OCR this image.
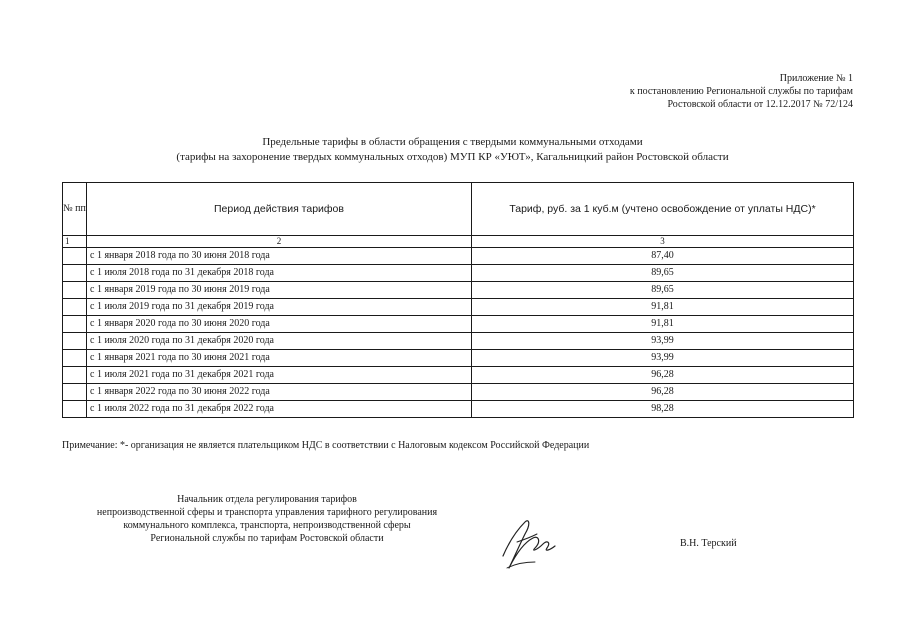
Приложение № 1
к постановлению Региональной службы по тарифам
Ростовской области от 12.12.2017 № 72/124
Предельные тарифы в области обращения с твердыми коммунальными отходами
(тарифы на захоронение твердых коммунальных отходов) МУП КР «УЮТ», Кагальницкий район Ростовской области
№ пп	Период действия тарифов	Тариф, руб. за 1 куб.м (учтено освобождение от уплаты НДС)*
1	2	3
	с 1 января 2018 года по 30 июня 2018 года	87,40
	с 1 июля 2018 года по 31 декабря 2018 года	89,65
	с 1 января 2019 года по 30 июня 2019 года	89,65
	с 1 июля 2019 года по 31 декабря 2019 года	91,81
	с 1 января 2020 года по 30 июня 2020 года	91,81
	с 1 июля 2020 года по 31 декабря 2020 года	93,99
	с 1 января 2021 года по 30 июня 2021 года	93,99
	с 1 июля 2021 года по 31 декабря 2021 года	96,28
	с 1 января 2022 года по 30 июня 2022 года	96,28
	с 1 июля 2022 года по 31 декабря 2022 года	98,28
Примечание: *- организация не является плательщиком НДС в соответствии с Налоговым кодексом Российской Федерации
Начальник отдела регулирования тарифов
непроизводственной сферы и транспорта управления тарифного регулирования
коммунального комплекса, транспорта, непроизводственной сферы
Региональной службы по тарифам Ростовской области	В.Н. Терский
